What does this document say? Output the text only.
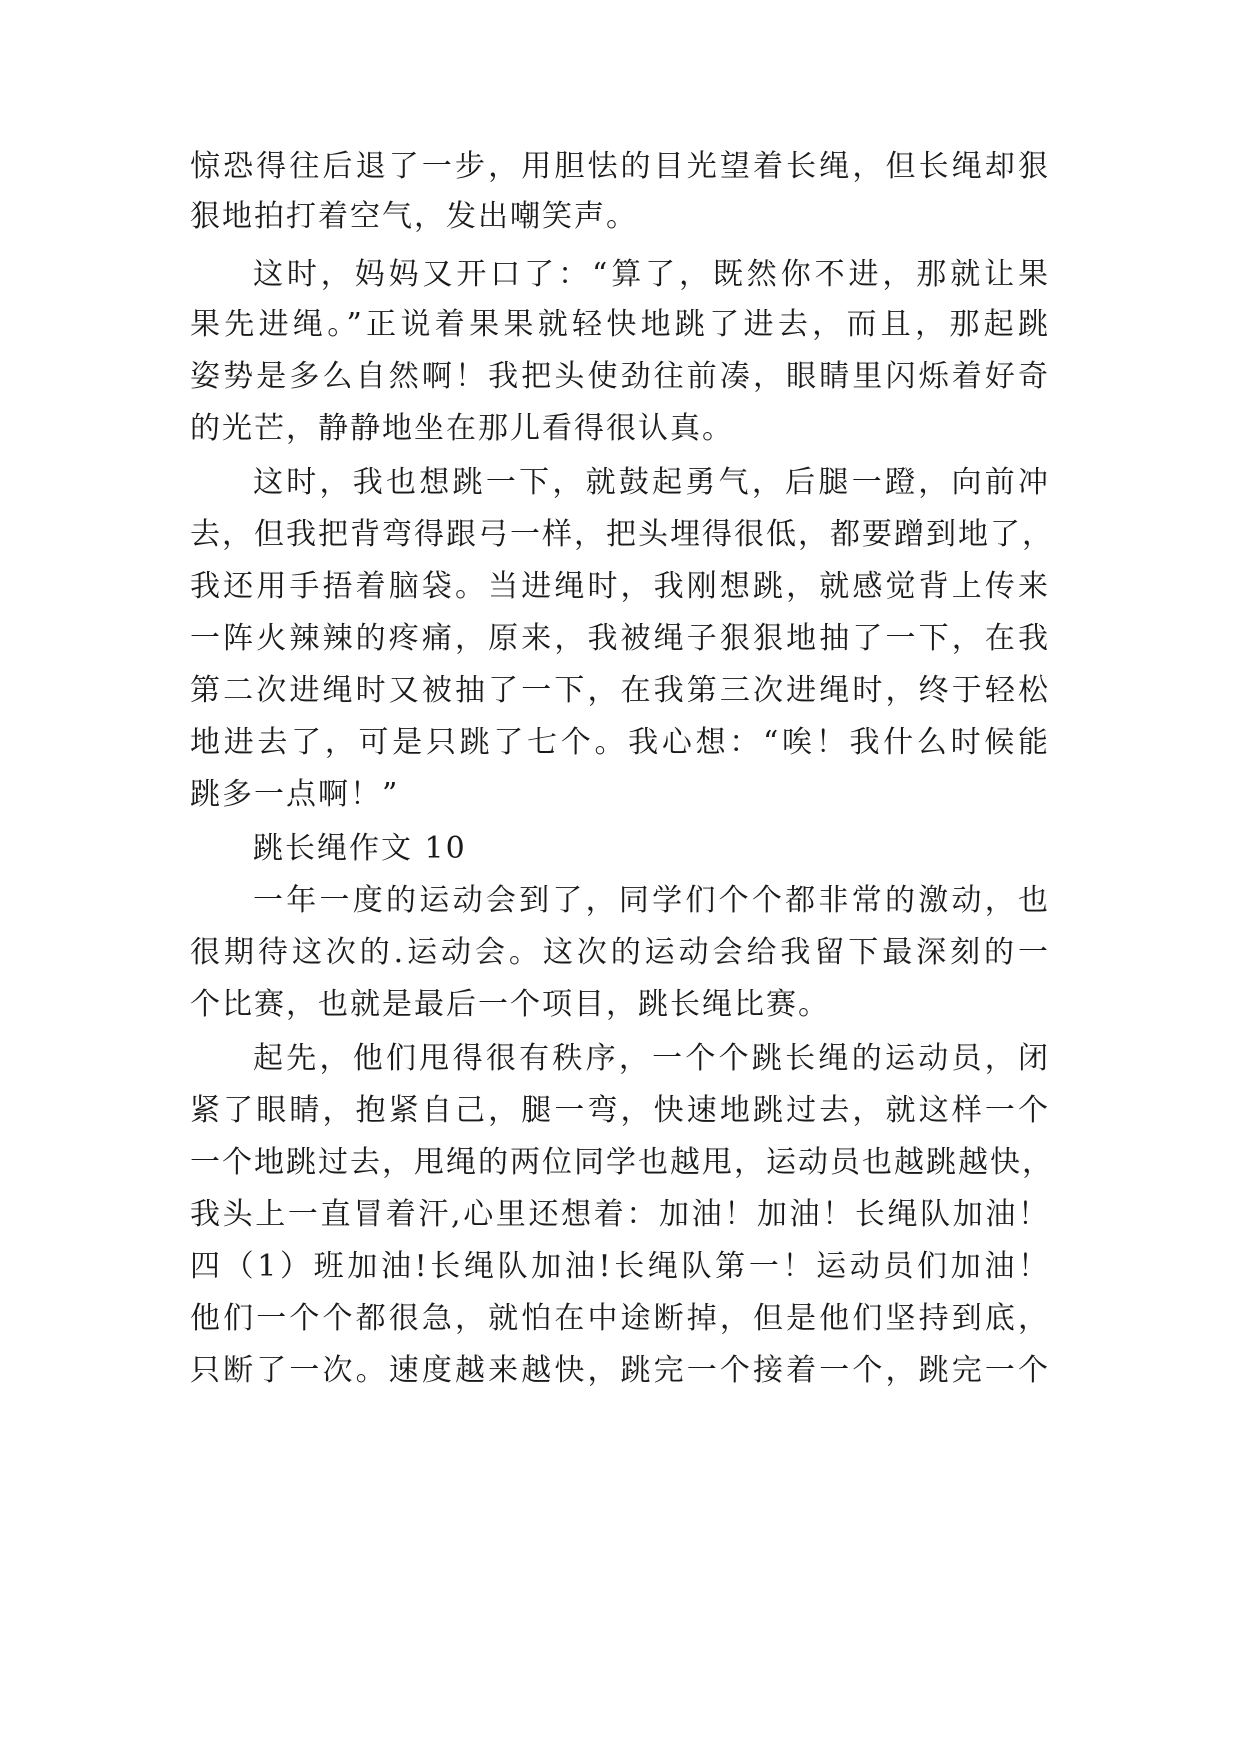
惊恐得往后退了一步，用胆怯的目光望着长绳，但长绳却狠
狠地拍打着空气，发出嘲笑声。
这时，妈妈又开口了：“算了，既然你不进，那就让果
果先进绳。”正说着果果就轻快地跳了进去，而且，那起跳
姿势是多么自然啊！我把头使劲往前凑，眼睛里闪烁着好奇
的光芒，静静地坐在那儿看得很认真。
这时，我也想跳一下，就鼓起勇气，后腿一蹬，向前冲
去，但我把背弯得跟弓一样，把头埋得很低，都要蹭到地了，
我还用手捂着脑袋。当进绳时，我刚想跳，就感觉背上传来
一阵火辣辣的疼痛，原来，我被绳子狠狠地抽了一下，在我
第二次进绳时又被抽了一下，在我第三次进绳时，终于轻松
地进去了，可是只跳了七个。我心想：“唉！我什么时候能
跳多一点啊！”
跳长绳作文 10
一年一度的运动会到了，同学们个个都非常的激动，也
很期待这次的.运动会。这次的运动会给我留下最深刻的一
个比赛，也就是最后一个项目，跳长绳比赛。
起先，他们甩得很有秩序，一个个跳长绳的运动员，闭
紧了眼睛，抱紧自己，腿一弯，快速地跳过去，就这样一个
一个地跳过去，甩绳的两位同学也越甩，运动员也越跳越快，
我头上一直冒着汗,心里还想着：加油！加油！长绳队加油！
四（1）班加油!长绳队加油!长绳队第一！运动员们加油！
他们一个个都很急，就怕在中途断掉，但是他们坚持到底，
只断了一次。速度越来越快，跳完一个接着一个，跳完一个
